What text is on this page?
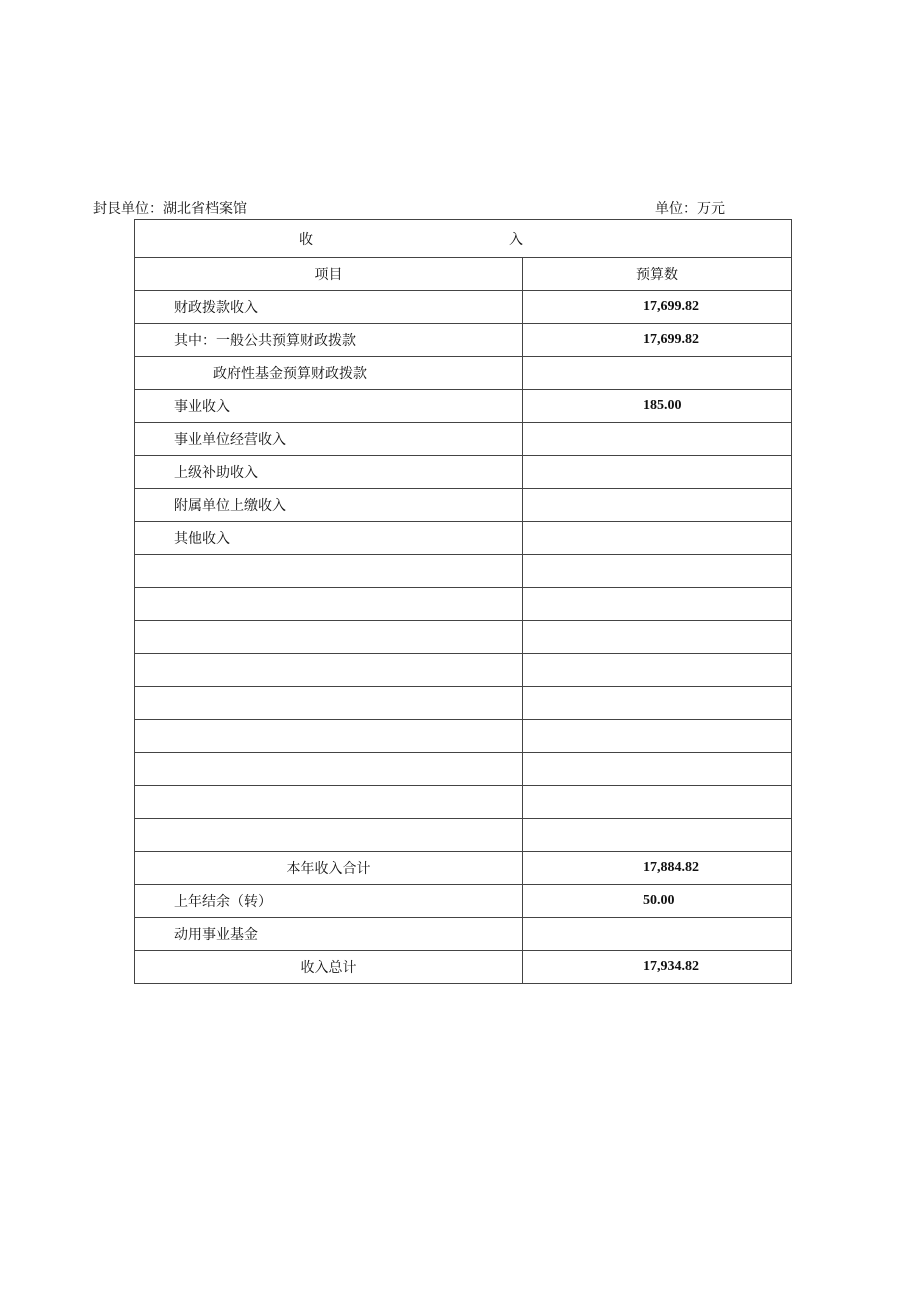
封艮单位：湖北省档案馆	单位：万元
收 入	

项目	预算数
财政拨款收入	17,699.82
其中：一般公共预算财政拨款	17,699.82
政府性基金预算财政拨款	
事业收入	185.00
事业单位经营收入	
上级补助收入	
附属单位上缴收入	
其他收入	

本年收入合计	17,884.82
上年结余（转）	50.00
动用事业基金	
收入总计	17,934.82
